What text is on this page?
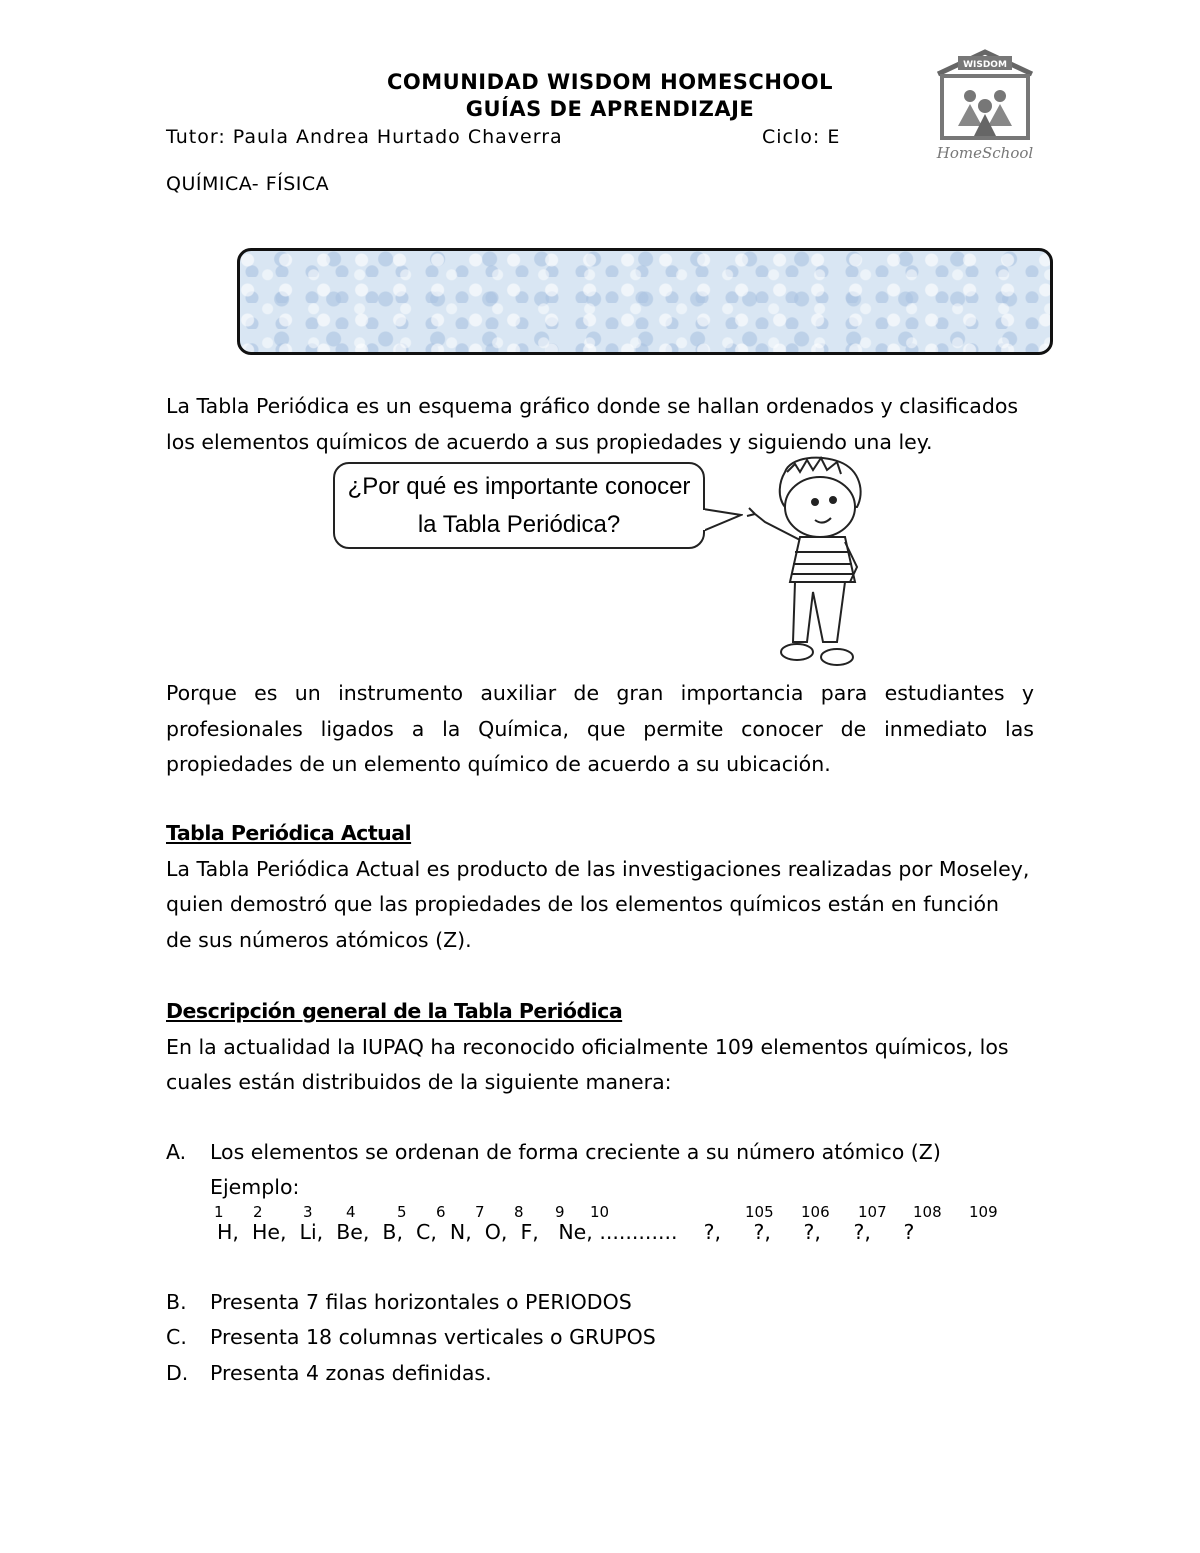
COMUNIDAD WISDOM HOMESCHOOL
GUÍAS DE APRENDIZAJE
Tutor: Paula Andrea Hurtado Chaverra	Ciclo: E
QUÍMICA- FÍSICA
WISDOM
HomeSchool
La Tabla Periódica es un esquema gráfico donde se hallan ordenados y clasificados
los elementos químicos de acuerdo a sus propiedades y siguiendo una ley.
¿Por qué es importante conocer
la Tabla Periódica?
Porque es un instrumento auxiliar de gran importancia para estudiantes y profesionales ligados a la Química, que permite conocer de inmediato las
propiedades de un elemento químico de acuerdo a su ubicación.
Tabla Periódica Actual
La Tabla Periódica Actual es producto de las investigaciones realizadas por Moseley,
quien demostró que las propiedades de los elementos químicos están en función
de sus números atómicos (Z).
Descripción general de la Tabla Periódica
En la actualidad la IUPAQ ha reconocido oficialmente 109 elementos químicos, los
cuales están distribuidos de la siguiente manera:
A. Los elementos se ordenan de forma creciente a su número atómico (Z)
Ejemplo:
1 2	3 4	5 6 7 8 9 10	105 106 107 108 109
H,  He,  Li,  Be,  B,  C,  N,  O,  F,   Ne, ............    ?,     ?,     ?,     ?,     ?
B. Presenta 7 filas horizontales o PERIODOS
C. Presenta 18 columnas verticales o GRUPOS
D. Presenta 4 zonas definidas.
